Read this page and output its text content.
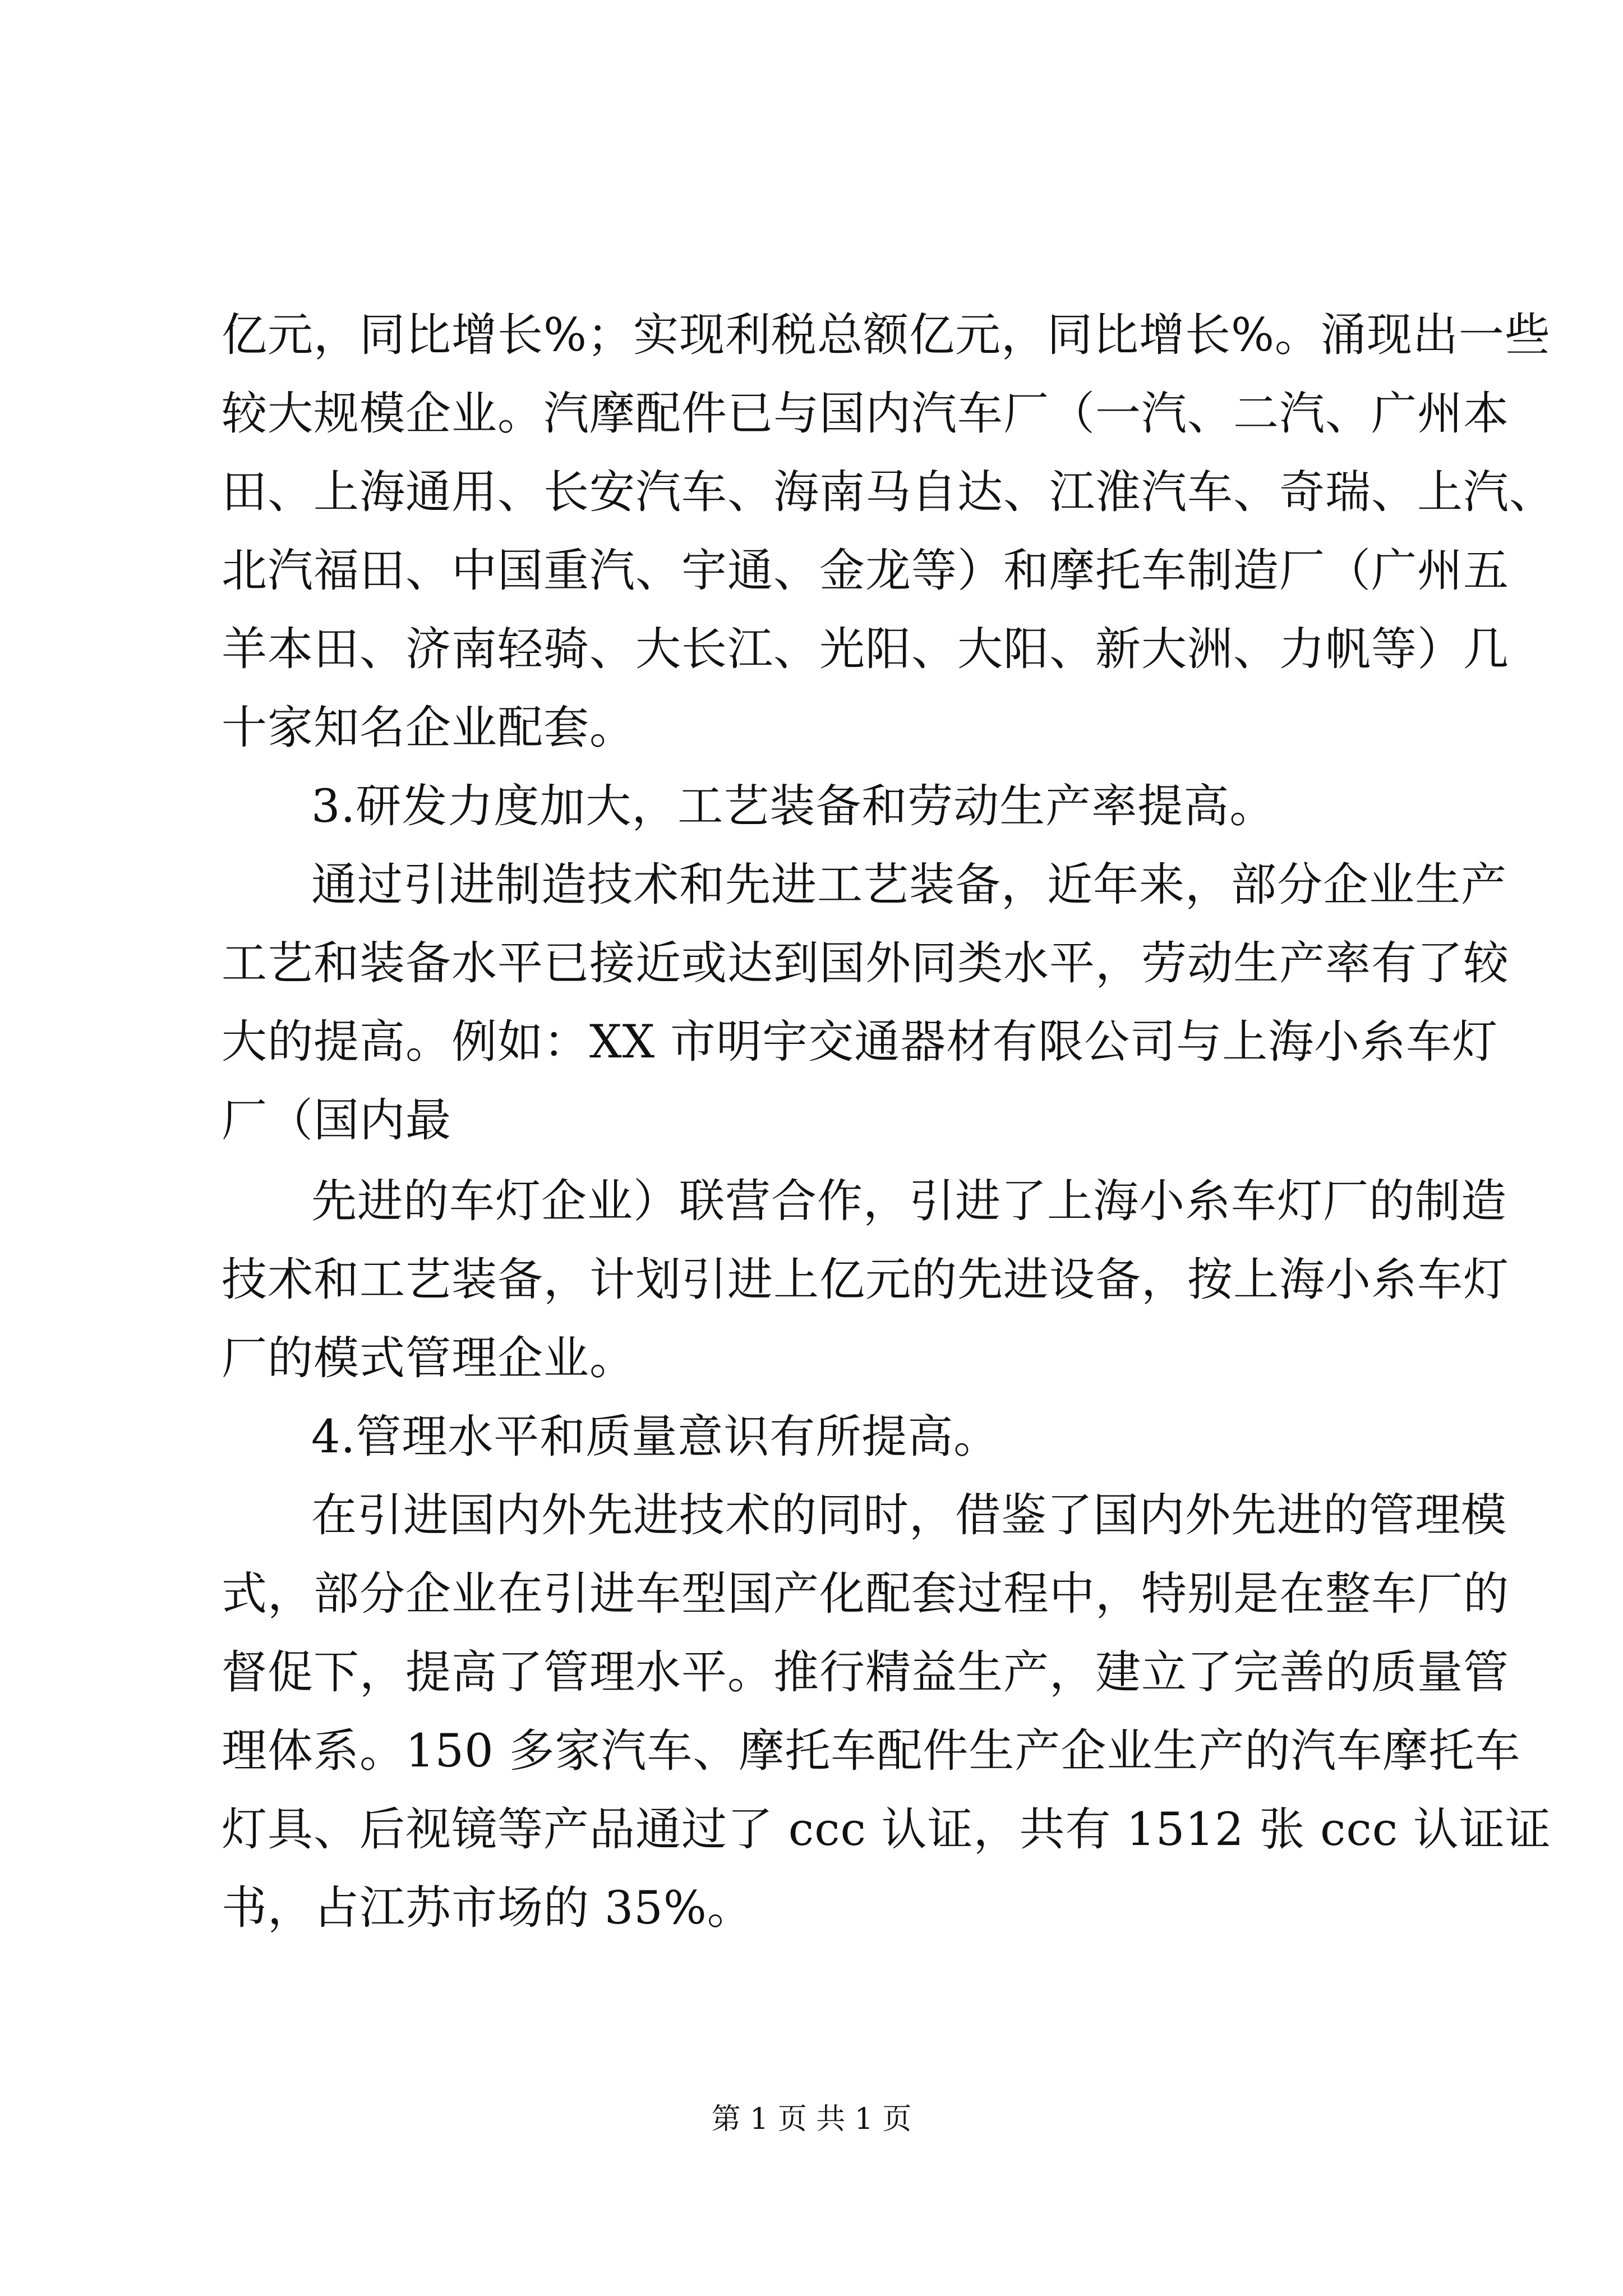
亿元，同比增长%；实现利税总额亿元，同比增长%。涌现出一些
较大规模企业。汽摩配件已与国内汽车厂（一汽、二汽、广州本
田、上海通用、长安汽车、海南马自达、江淮汽车、奇瑞、上汽、
北汽福田、中国重汽、宇通、金龙等）和摩托车制造厂（广州五
羊本田、济南轻骑、大长江、光阳、大阳、新大洲、力帆等）几
十家知名企业配套。
3.研发力度加大，工艺装备和劳动生产率提高。
通过引进制造技术和先进工艺装备，近年来，部分企业生产
工艺和装备水平已接近或达到国外同类水平，劳动生产率有了较
大的提高。例如：XX 市明宇交通器材有限公司与上海小糸车灯
厂（国内最
先进的车灯企业）联营合作，引进了上海小糸车灯厂的制造
技术和工艺装备，计划引进上亿元的先进设备，按上海小糸车灯
厂的模式管理企业。
4.管理水平和质量意识有所提高。
在引进国内外先进技术的同时，借鉴了国内外先进的管理模
式，部分企业在引进车型国产化配套过程中，特别是在整车厂的
督促下，提高了管理水平。推行精益生产，建立了完善的质量管
理体系。150 多家汽车、摩托车配件生产企业生产的汽车摩托车
灯具、后视镜等产品通过了 ccc 认证，共有 1512 张 ccc 认证证
书，占江苏市场的 35%。
第 1 页 共 1 页
